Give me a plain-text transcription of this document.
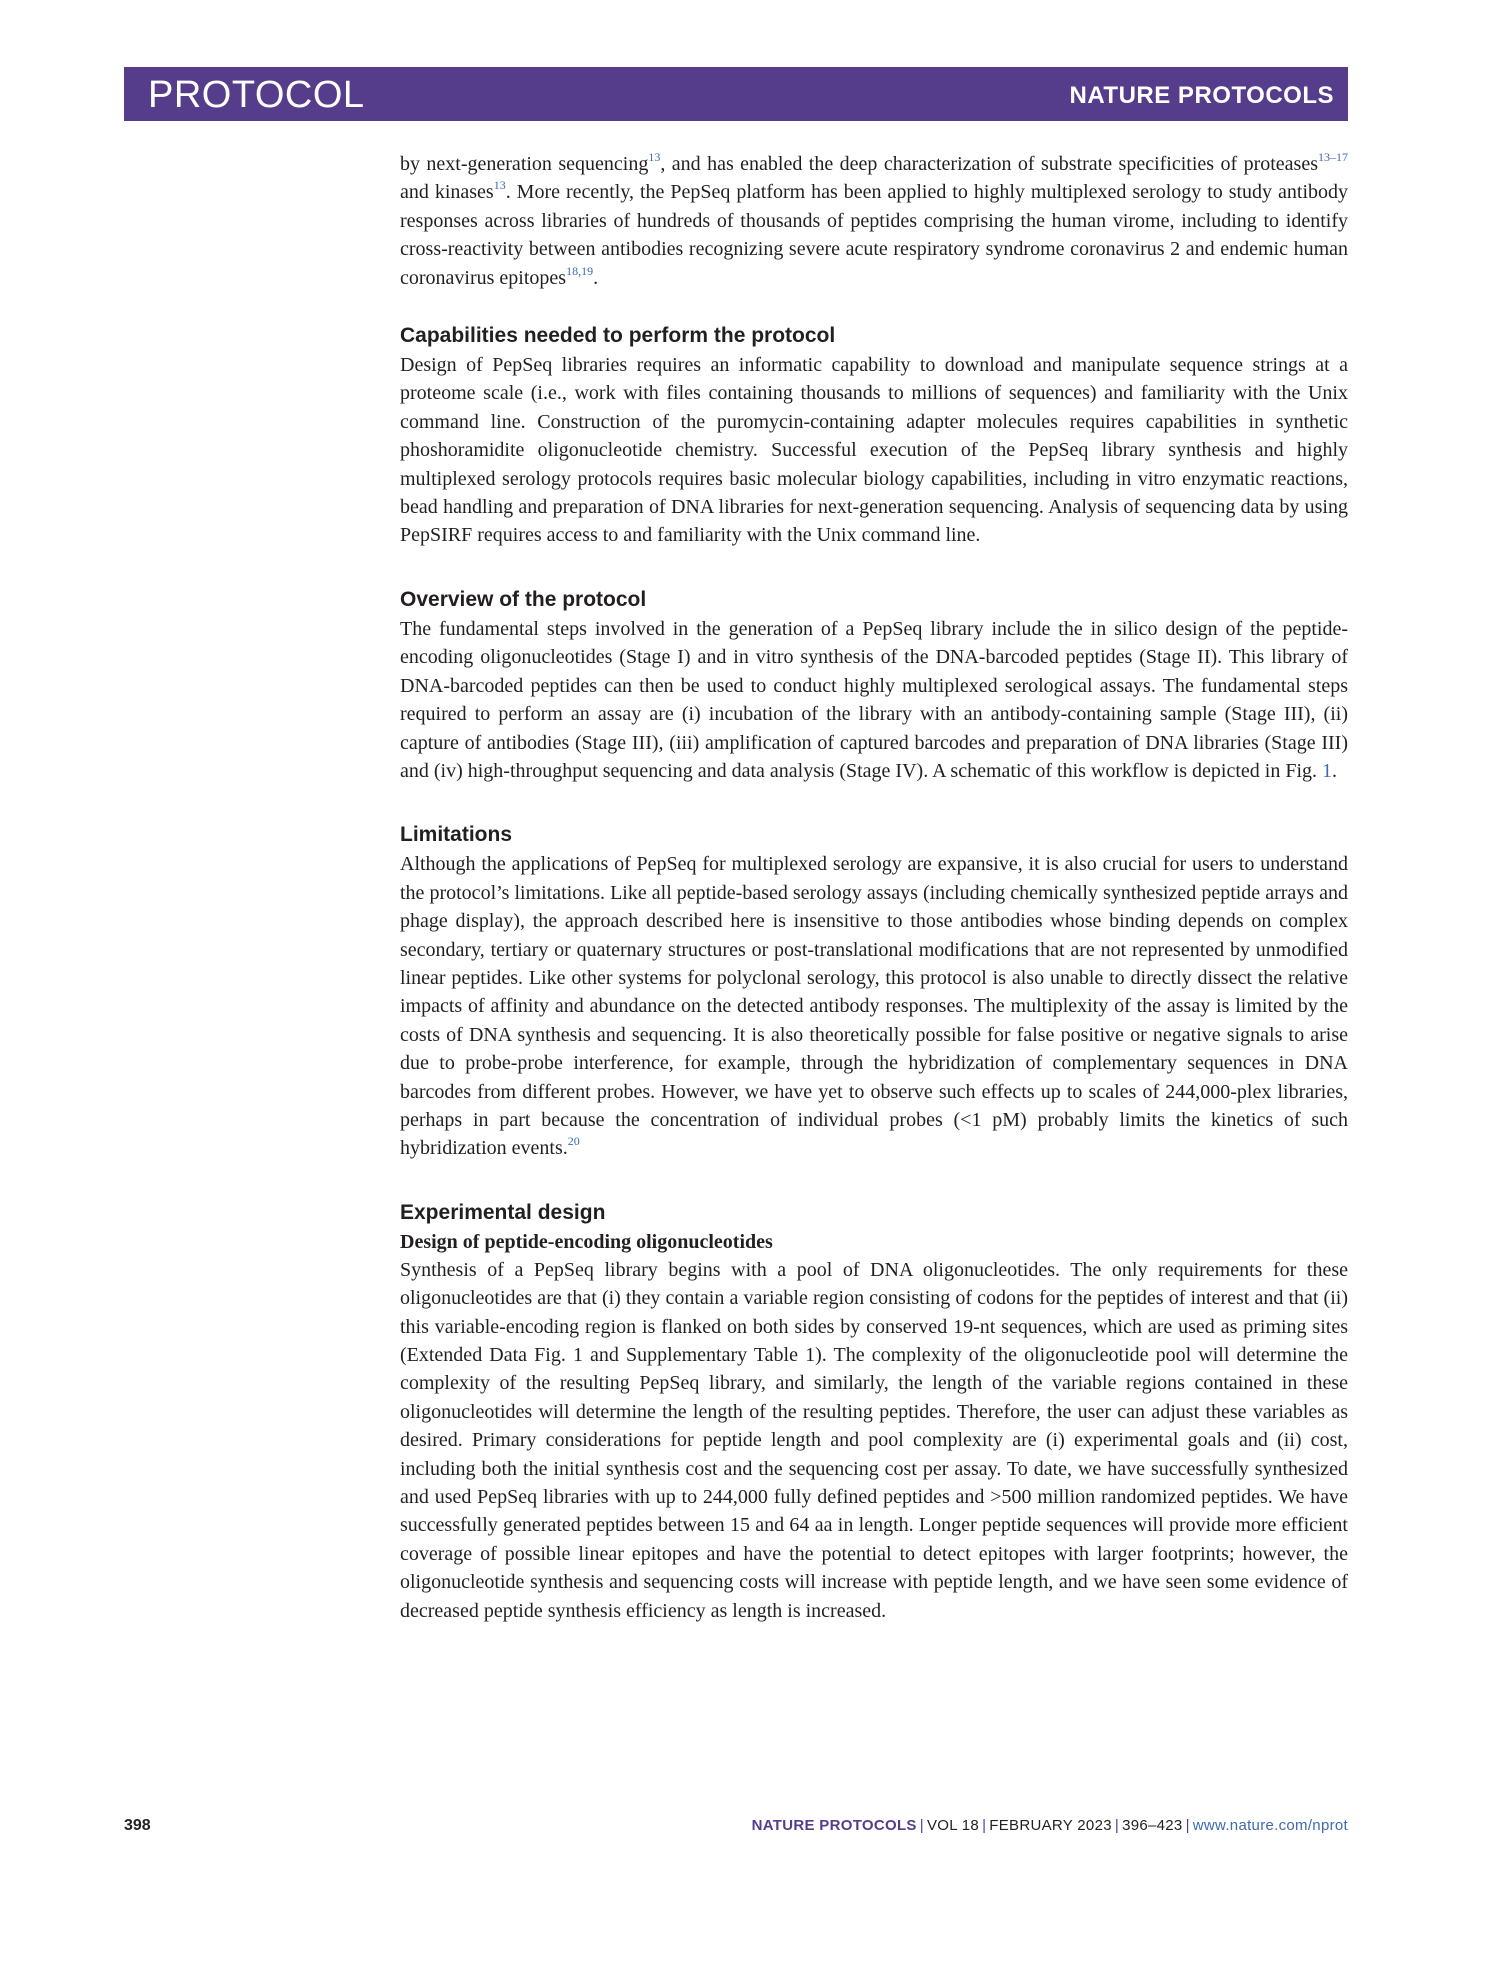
PROTOCOL	NATURE PROTOCOLS

by next-generation sequencing$^{13}$, and has enabled the deep characterization of substrate specificities of proteases$^{13-17}$ and kinases$^{13}$. More recently, the PepSeq platform has been applied to highly multiplexed serology to study antibody responses across libraries of hundreds of thousands of peptides comprising the human virome, including to identify cross-reactivity between antibodies recognizing severe acute respiratory syndrome coronavirus 2 and endemic human coronavirus epitopes$^{18,19}$.

Capabilities needed to perform the protocol

Design of PepSeq libraries requires an informatic capability to download and manipulate sequence strings at a proteome scale (i.e., work with files containing thousands to millions of sequences) and familiarity with the Unix command line. Construction of the puromycin-containing adapter molecules requires capabilities in synthetic phoshoramidite oligonucleotide chemistry. Successful execution of the PepSeq library synthesis and highly multiplexed serology protocols requires basic molecular biology capabilities, including in vitro enzymatic reactions, bead handling and preparation of DNA libraries for next-generation sequencing. Analysis of sequencing data by using PepSIRF requires access to and familiarity with the Unix command line.

Overview of the protocol

The fundamental steps involved in the generation of a PepSeq library include the in silico design of the peptide-encoding oligonucleotides (Stage I) and in vitro synthesis of the DNA-barcoded peptides (Stage II). This library of DNA-barcoded peptides can then be used to conduct highly multiplexed serological assays. The fundamental steps required to perform an assay are (i) incubation of the library with an antibody-containing sample (Stage III), (ii) capture of antibodies (Stage III), (iii) amplification of captured barcodes and preparation of DNA libraries (Stage III) and (iv) high-throughput sequencing and data analysis (Stage IV). A schematic of this workflow is depicted in Fig. 1.

Limitations

Although the applications of PepSeq for multiplexed serology are expansive, it is also crucial for users to understand the protocol’s limitations. Like all peptide-based serology assays (including chemically synthesized peptide arrays and phage display), the approach described here is insensitive to those antibodies whose binding depends on complex secondary, tertiary or quaternary structures or post-translational modifications that are not represented by unmodified linear peptides. Like other systems for polyclonal serology, this protocol is also unable to directly dissect the relative impacts of affinity and abundance on the detected antibody responses. The multiplexity of the assay is limited by the costs of DNA synthesis and sequencing. It is also theoretically possible for false positive or negative signals to arise due to probe-probe interference, for example, through the hybridization of complementary sequences in DNA barcodes from different probes. However, we have yet to observe such effects up to scales of 244,000-plex libraries, perhaps in part because the concentration of individual probes (<1 pM) probably limits the kinetics of such hybridization events.$^{20}$

Experimental design
Design of peptide-encoding oligonucleotides

Synthesis of a PepSeq library begins with a pool of DNA oligonucleotides. The only requirements for these oligonucleotides are that (i) they contain a variable region consisting of codons for the peptides of interest and that (ii) this variable-encoding region is flanked on both sides by conserved 19-nt sequences, which are used as priming sites (Extended Data Fig. 1 and Supplementary Table 1). The complexity of the oligonucleotide pool will determine the complexity of the resulting PepSeq library, and similarly, the length of the variable regions contained in these oligonucleotides will determine the length of the resulting peptides. Therefore, the user can adjust these variables as desired. Primary considerations for peptide length and pool complexity are (i) experimental goals and (ii) cost, including both the initial synthesis cost and the sequencing cost per assay. To date, we have successfully synthesized and used PepSeq libraries with up to 244,000 fully defined peptides and >500 million randomized peptides. We have successfully generated peptides between 15 and 64 aa in length. Longer peptide sequences will provide more efficient coverage of possible linear epitopes and have the potential to detect epitopes with larger footprints; however, the oligonucleotide synthesis and sequencing costs will increase with peptide length, and we have seen some evidence of decreased peptide synthesis efficiency as length is increased.

398	NATURE PROTOCOLS | VOL 18 | FEBRUARY 2023 | 396–423 | www.nature.com/nprot
